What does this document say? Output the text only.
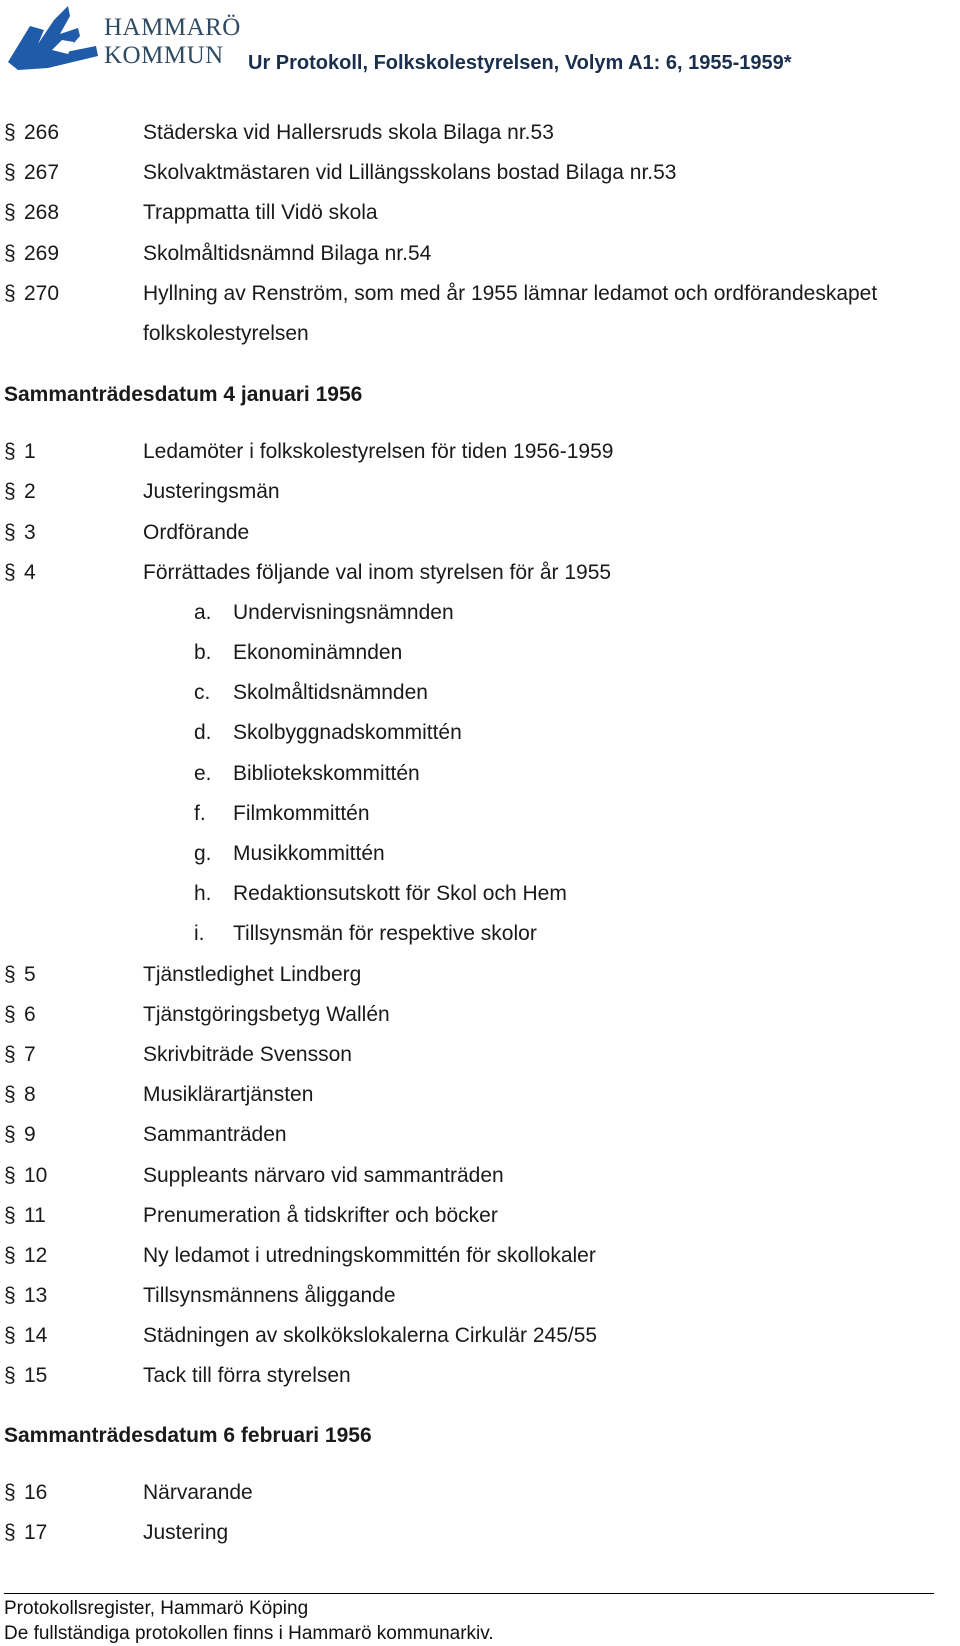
HAMMARÖ
KOMMUN	Ur Protokoll, Folkskolestyrelsen, Volym A1: 6, 1955-1959*
§ 266	Städerska vid Hallersruds skola Bilaga nr.53
§ 267	Skolvaktmästaren vid Lillängsskolans bostad Bilaga nr.53
§ 268	Trappmatta till Vidö skola
§ 269	Skolmåltidsnämnd Bilaga nr.54
§ 270	Hyllning av Renström, som med år 1955 lämnar ledamot och ordförandeskapet
folkskolestyrelsen
Sammanträdesdatum 4 januari 1956
§ 1	Ledamöter i folkskolestyrelsen för tiden 1956-1959
§ 2	Justeringsmän
§ 3	Ordförande
§ 4	Förrättades följande val inom styrelsen för år 1955
a. Undervisningsnämnden
b. Ekonominämnden
c. Skolmåltidsnämnden
d. Skolbyggnadskommittén
e. Bibliotekskommittén
f. Filmkommittén
g. Musikkommittén
h. Redaktionsutskott för Skol och Hem
i. Tillsynsmän för respektive skolor
§ 5	Tjänstledighet Lindberg
§ 6	Tjänstgöringsbetyg Wallén
§ 7	Skrivbiträde Svensson
§ 8	Musiklärartjänsten
§ 9	Sammanträden
§ 10	Suppleants närvaro vid sammanträden
§ 11	Prenumeration å tidskrifter och böcker
§ 12	Ny ledamot i utredningskommittén för skollokaler
§ 13	Tillsynsmännens åliggande
§ 14	Städningen av skolkökslokalerna Cirkulär 245/55
§ 15	Tack till förra styrelsen
Sammanträdesdatum 6 februari 1956
§ 16	Närvarande
§ 17	Justering
Protokollsregister, Hammarö Köping
De fullständiga protokollen finns i Hammarö kommunarkiv.
